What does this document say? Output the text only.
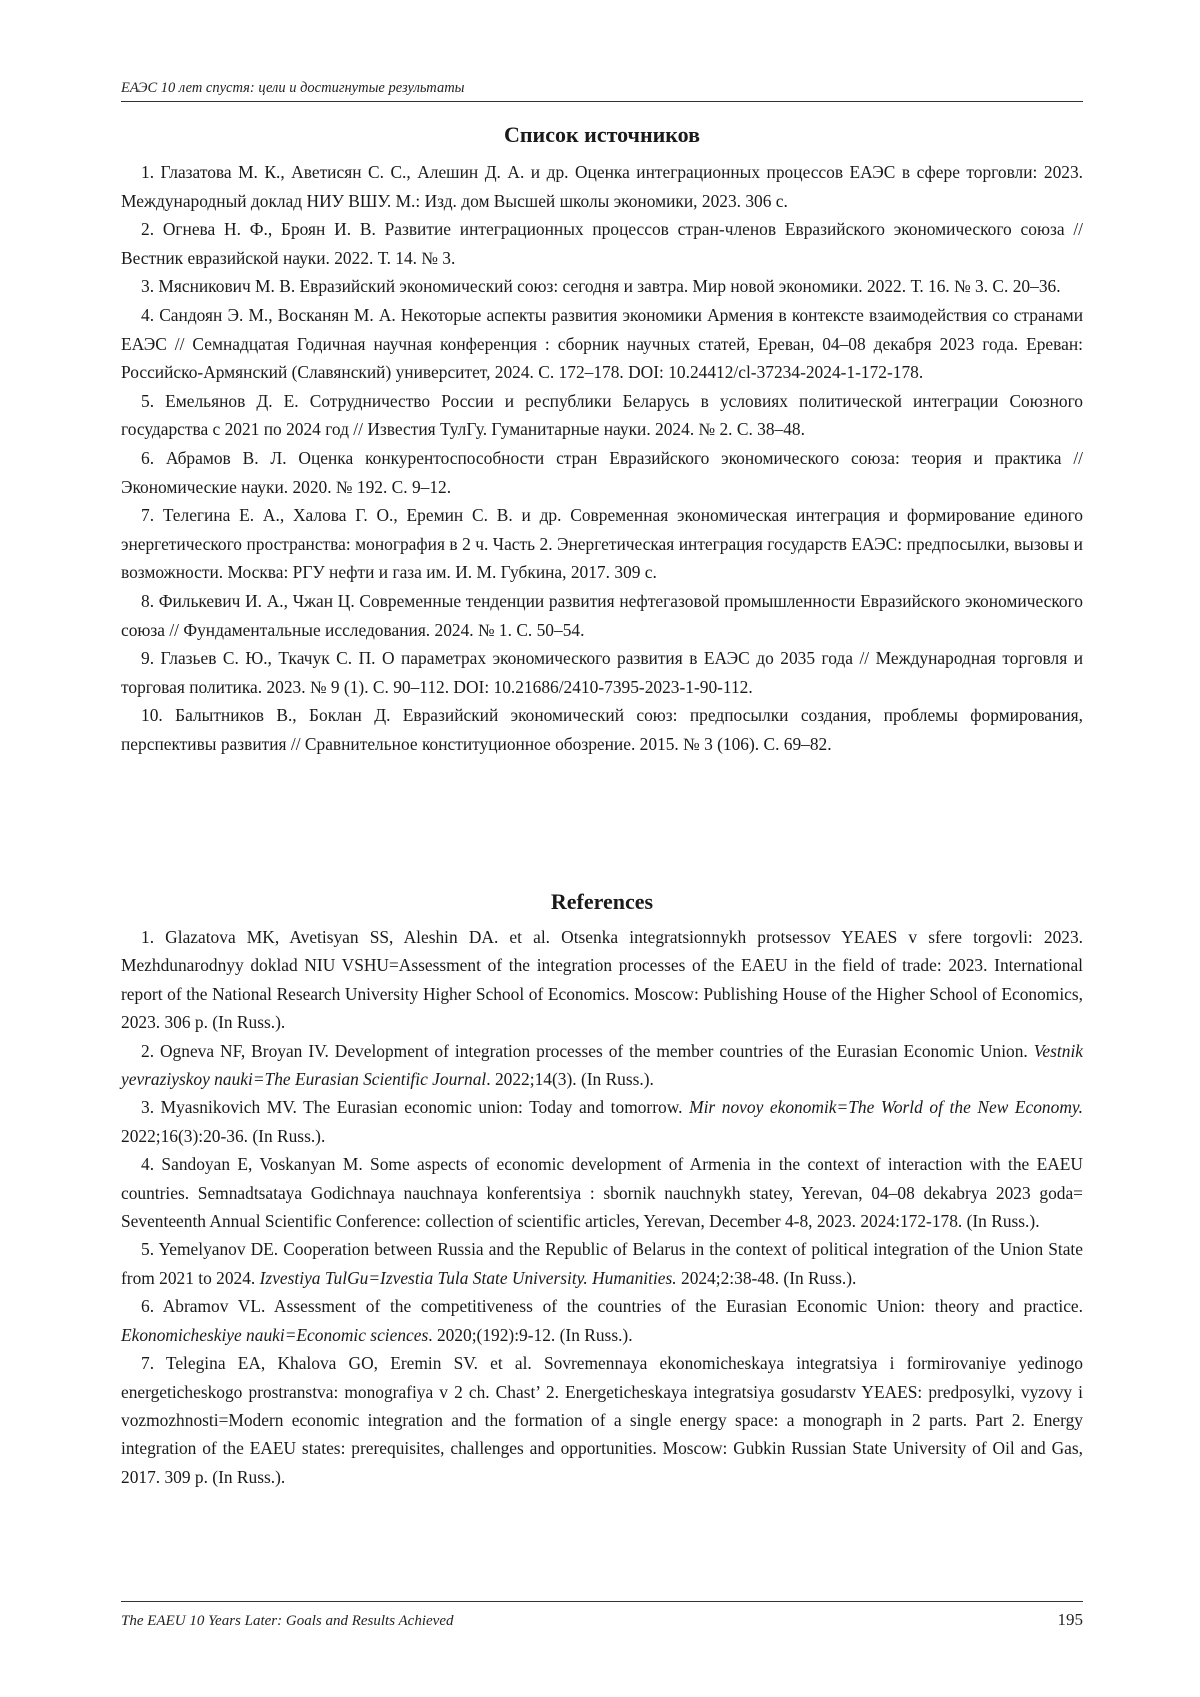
ЕАЭС 10 лет спустя: цели и достигнутые результаты
Список источников
1. Глазатова М. К., Аветисян С. С., Алешин Д. А. и др. Оценка интеграционных процессов ЕАЭС в сфере торговли: 2023. Международный доклад НИУ ВШУ. М.: Изд. дом Высшей школы экономики, 2023. 306 с.
2. Огнева Н. Ф., Броян И. В. Развитие интеграционных процессов стран-членов Евразийского экономического союза // Вестник евразийской науки. 2022. Т. 14. № 3.
3. Мясникович М. В. Евразийский экономический союз: сегодня и завтра. Мир новой экономики. 2022. Т. 16. № 3. С. 20–36.
4. Сандоян Э. М., Восканян М. А. Некоторые аспекты развития экономики Армения в контексте взаимодействия со странами ЕАЭС // Семнадцатая Годичная научная конференция : сборник научных статей, Ереван, 04–08 декабря 2023 года. Ереван: Российско-Армянский (Славянский) университет, 2024. С. 172–178. DOI: 10.24412/cl-37234-2024-1-172-178.
5. Емельянов Д. Е. Сотрудничество России и республики Беларусь в условиях политической интеграции Союзного государства с 2021 по 2024 год // Известия ТулГу. Гуманитарные науки. 2024. № 2. С. 38–48.
6. Абрамов В. Л. Оценка конкурентоспособности стран Евразийского экономического союза: теория и практика // Экономические науки. 2020. № 192. С. 9–12.
7. Телегина Е. А., Халова Г. О., Еремин С. В. и др. Современная экономическая интеграция и формирование единого энергетического пространства: монография в 2 ч. Часть 2. Энергетическая интеграция государств ЕАЭС: предпосылки, вызовы и возможности. Москва: РГУ нефти и газа им. И. М. Губкина, 2017. 309 с.
8. Филькевич И. А., Чжан Ц. Современные тенденции развития нефтегазовой промышленности Евразийского экономического союза // Фундаментальные исследования. 2024. № 1. С. 50–54.
9. Глазьев С. Ю., Ткачук С. П. О параметрах экономического развития в ЕАЭС до 2035 года // Международная торговля и торговая политика. 2023. № 9 (1). С. 90–112. DOI: 10.21686/2410-7395-2023-1-90-112.
10. Балытников В., Боклан Д. Евразийский экономический союз: предпосылки создания, проблемы формирования, перспективы развития // Сравнительное конституционное обозрение. 2015. № 3 (106). С. 69–82.
References
1. Glazatova MK, Avetisyan SS, Aleshin DA. et al. Otsenka integratsionnykh protsessov YEAES v sfere torgovli: 2023. Mezhdunarodnyy doklad NIU VSHU=Assessment of the integration processes of the EAEU in the field of trade: 2023. International report of the National Research University Higher School of Economics. Moscow: Publishing House of the Higher School of Economics, 2023. 306 p. (In Russ.).
2. Ogneva NF, Broyan IV. Development of integration processes of the member countries of the Eurasian Economic Union. Vestnik yevraziyskoy nauki=The Eurasian Scientific Journal. 2022;14(3). (In Russ.).
3. Myasnikovich MV. The Eurasian economic union: Today and tomorrow. Mir novoy ekonomik=The World of the New Economy. 2022;16(3):20-36. (In Russ.).
4. Sandoyan E, Voskanyan M. Some aspects of economic development of Armenia in the context of interaction with the EAEU countries. Semnadtsataya Godichnaya nauchnaya konferentsiya : sbornik nauchnykh statey, Yerevan, 04–08 dekabrya 2023 goda= Seventeenth Annual Scientific Conference: collection of scientific articles, Yerevan, December 4-8, 2023. 2024:172-178. (In Russ.).
5. Yemelyanov DE. Cooperation between Russia and the Republic of Belarus in the context of political integration of the Union State from 2021 to 2024. Izvestiya TulGu=Izvestia Tula State University. Humanities. 2024;2:38-48. (In Russ.).
6. Abramov VL. Assessment of the competitiveness of the countries of the Eurasian Economic Union: theory and practice. Ekonomicheskiye nauki=Economic sciences. 2020;(192):9-12. (In Russ.).
7. Telegina EA, Khalova GO, Eremin SV. et al. Sovremennaya ekonomicheskaya integratsiya i formirovaniye yedinogo energeticheskogo prostranstva: monografiya v 2 ch. Chast’ 2. Energeticheskaya integratsiya gosudarstv YEAES: predposylki, vyzovy i vozmozhnosti=Modern economic integration and the formation of a single energy space: a monograph in 2 parts. Part 2. Energy integration of the EAEU states: prerequisites, challenges and opportunities. Moscow: Gubkin Russian State University of Oil and Gas, 2017. 309 p. (In Russ.).
The EAEU 10 Years Later: Goals and Results Achieved	195
